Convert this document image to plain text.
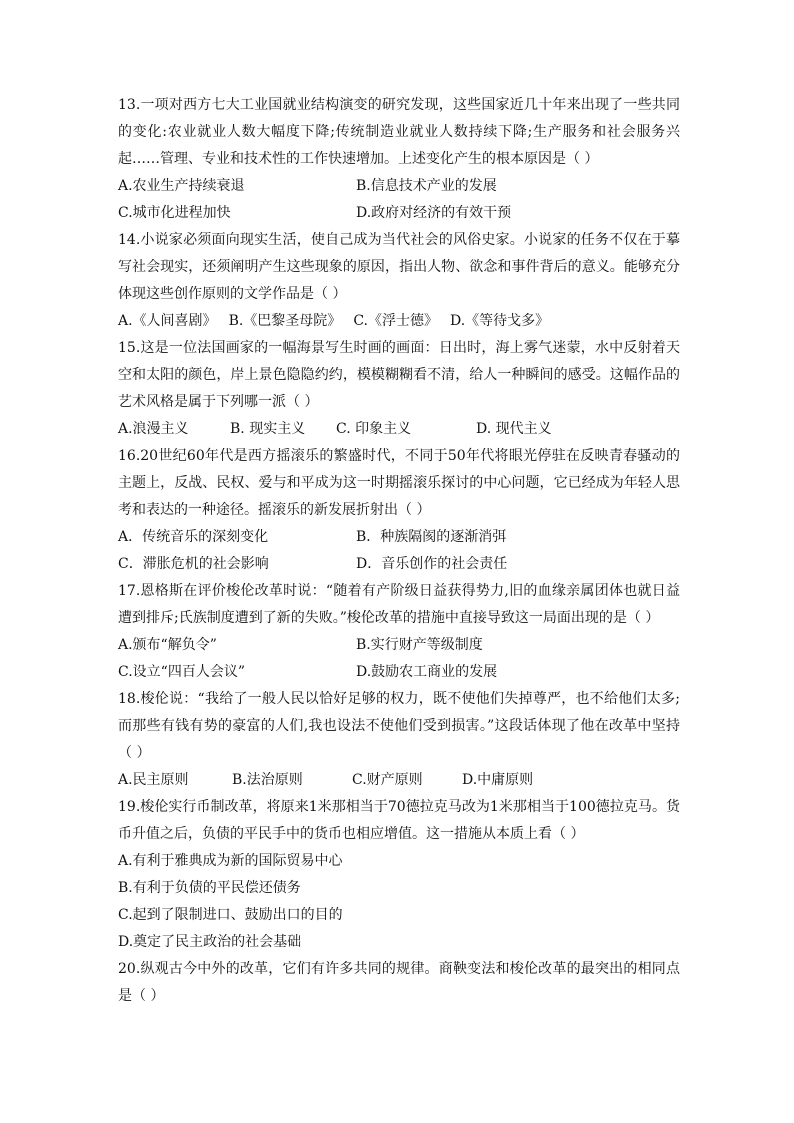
13.一项对西方七大工业国就业结构演变的研究发现，这些国家近几十年来出现了一些共同的变化:农业就业人数大幅度下降;传统制造业就业人数持续下降;生产服务和社会服务兴起……管理、专业和技术性的工作快速增加。上述变化产生的根本原因是（ ）

A.农业生产持续衰退	B.信息技术产业的发展
C.城市化进程加快	D.政府对经济的有效干预

14.小说家必须面向现实生活，使自己成为当代社会的风俗史家。小说家的任务不仅在于摹写社会现实，还须阐明产生这些现象的原因，指出人物、欲念和事件背后的意义。能够充分体现这些创作原则的文学作品是（ ）

A.《人间喜剧》 B.《巴黎圣母院》 C.《浮士德》 D.《等待戈多》

15.这是一位法国画家的一幅海景写生时画的画面：日出时，海上雾气迷蒙，水中反射着天空和太阳的颜色，岸上景色隐隐约约，模模糊糊看不清，给人一种瞬间的感受。这幅作品的艺术风格是属于下列哪一派（ ）

A.浪漫主义	B. 现实主义	C. 印象主义	D. 现代主义

16.20世纪60年代是西方摇滚乐的繁盛时代，不同于50年代将眼光停驻在反映青春骚动的主题上，反战、民权、爱与和平成为这一时期摇滚乐探讨的中心问题，它已经成为年轻人思考和表达的一种途径。摇滚乐的新发展折射出（ ）

A．传统音乐的深刻变化	B．种族隔阂的逐渐消弭
C．滞胀危机的社会影响	D．音乐创作的社会责任

17.恩格斯在评价梭伦改革时说：“随着有产阶级日益获得势力,旧的血缘亲属团体也就日益遭到排斥;氏族制度遭到了新的失败。”梭伦改革的措施中直接导致这一局面出现的是（ ）

A.颁布“解负令”	B.实行财产等级制度
C.设立“四百人会议”	D.鼓励农工商业的发展

18.梭伦说：“我给了一般人民以恰好足够的权力，既不使他们失掉尊严，也不给他们太多;而那些有钱有势的豪富的人们,我也设法不使他们受到损害。”这段话体现了他在改革中坚持（ ）

A.民主原则	B.法治原则	C.财产原则	D.中庸原则

19.梭伦实行币制改革，将原来1米那相当于70德拉克马改为1米那相当于100德拉克马。货币升值之后，负债的平民手中的货币也相应增值。这一措施从本质上看（ ）

A.有利于雅典成为新的国际贸易中心

B.有利于负债的平民偿还债务

C.起到了限制进口、鼓励出口的目的

D.奠定了民主政治的社会基础

20.纵观古今中外的改革，它们有许多共同的规律。商鞅变法和梭伦改革的最突出的相同点是（ ）
